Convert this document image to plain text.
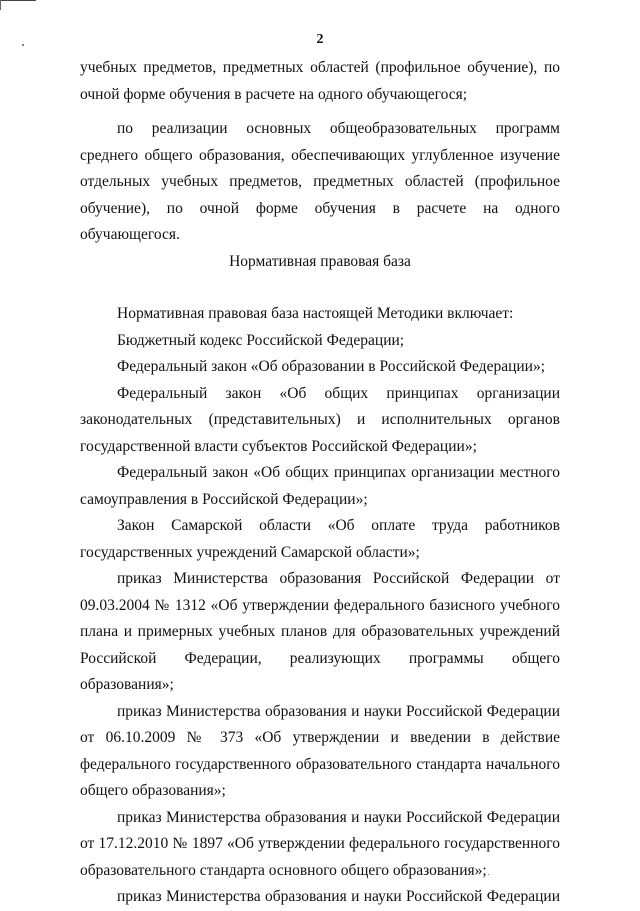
2

учебных предметов, предметных областей (профильное обучение), по очной форме обучения в расчете на одного обучающегося;

по реализации основных общеобразовательных программ среднего общего образования, обеспечивающих углубленное изучение отдельных учебных предметов, предметных областей (профильное обучение), по очной форме обучения в расчете на одного обучающегося.

Нормативная правовая база

Нормативная правовая база настоящей Методики включает:

Бюджетный кодекс Российской Федерации;

Федеральный закон «Об образовании в Российской Федерации»;

Федеральный закон «Об общих принципах организации законодательных (представительных) и исполнительных органов государственной власти субъектов Российской Федерации»;

Федеральный закон «Об общих принципах организации местного самоуправления в Российской Федерации»;

Закон Самарской области «Об оплате труда работников государственных учреждений Самарской области»;

приказ Министерства образования Российской Федерации от 09.03.2004 № 1312 «Об утверждении федерального базисного учебного плана и примерных учебных планов для образовательных учреждений Российской Федерации, реализующих программы общего образования»;

приказ Министерства образования и науки Российской Федерации от 06.10.2009 № 373 «Об утверждении и введении в действие федерального государственного образовательного стандарта начального общего образования»;

приказ Министерства образования и науки Российской Федерации от 17.12.2010 № 1897 «Об утверждении федерального государственного образовательного стандарта основного общего образования»;

приказ Министерства образования и науки Российской Федерации
